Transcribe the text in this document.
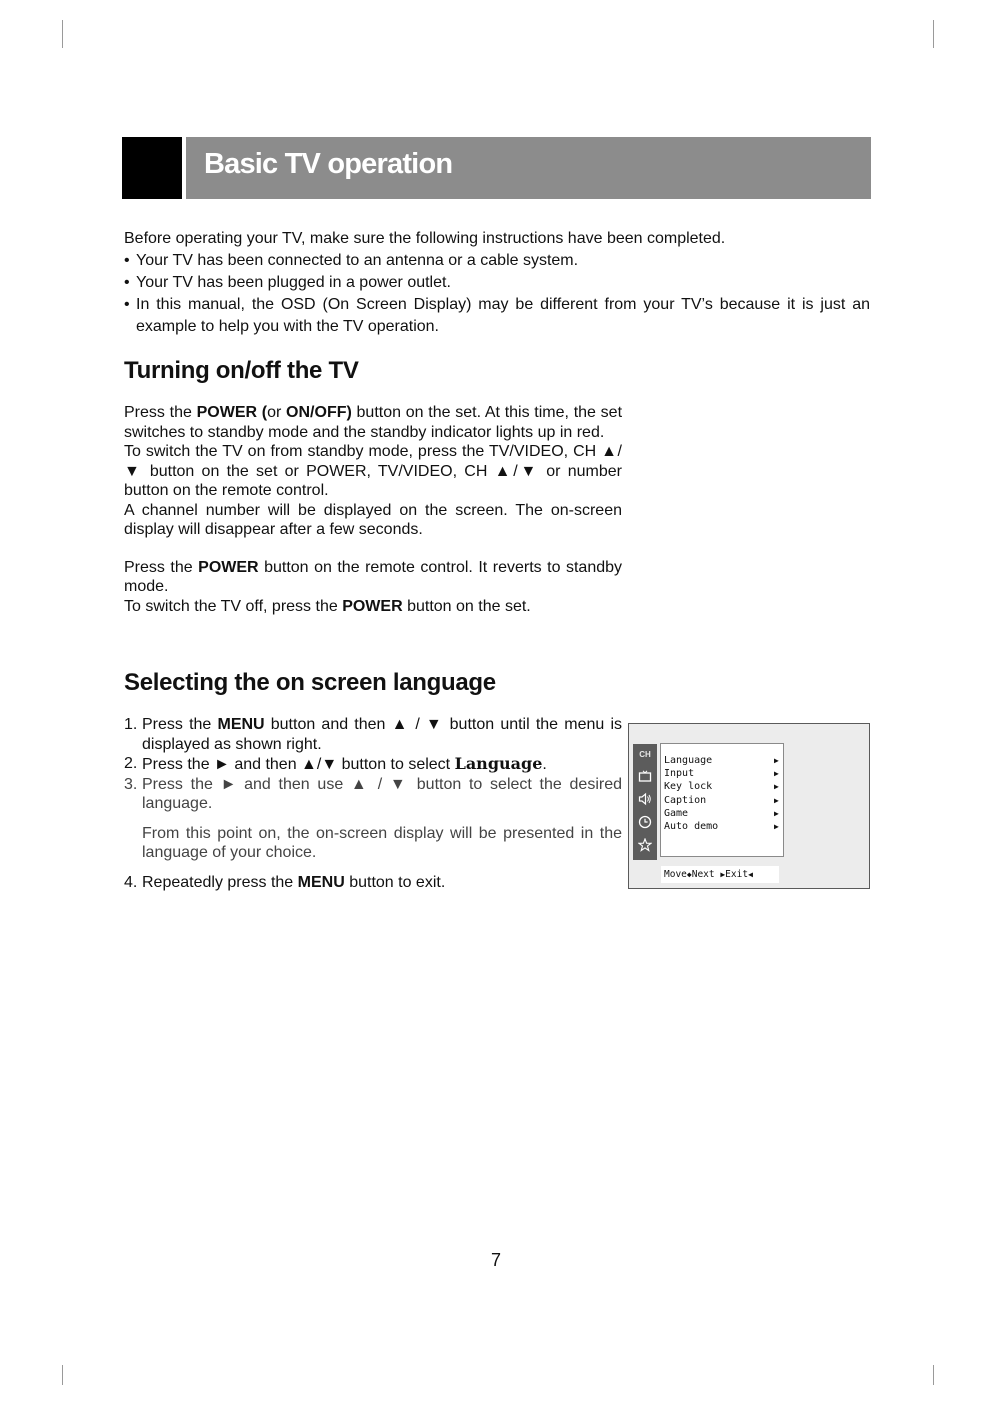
Basic TV operation

Before operating your TV, make sure the following instructions have been completed.

• Your TV has been connected to an antenna or a cable system.
• Your TV has been plugged in a power outlet.
• In this manual, the OSD (On Screen Display) may be different from your TV’s because it is just an example to help you with the TV operation.
Turning on/off the TV

Press the POWER (or ON/OFF) button on the set. At this time, the set switches to standby mode and the standby indicator lights up in red.

To switch the TV on from standby mode, press the TV/VIDEO, CH ▲/▼ button on the set or POWER, TV/VIDEO, CH ▲/▼ or number button on the remote control.

A channel number will be displayed on the screen. The on-screen display will disappear after a few seconds.

Press the POWER button on the remote control. It reverts to standby mode.

To switch the TV off, press the POWER button on the set.

Selecting the on screen language
1. Press the MENU button and then ▲ / ▼ button until the menu is displayed as shown right.
2. Press the ► and then ▲/▼ button to select Language.
3. Press the ► and then use ▲ / ▼ button to select the desired language.

From this point on, the on-screen display will be presented in the language of your choice.

4. Repeatedly press the MENU button to exit.
CH
Language	▶
Input	▶
Key lock	▶
Caption	▶
Game	▶
Auto demo	▶
Move◆Next ▶Exit◀
7
